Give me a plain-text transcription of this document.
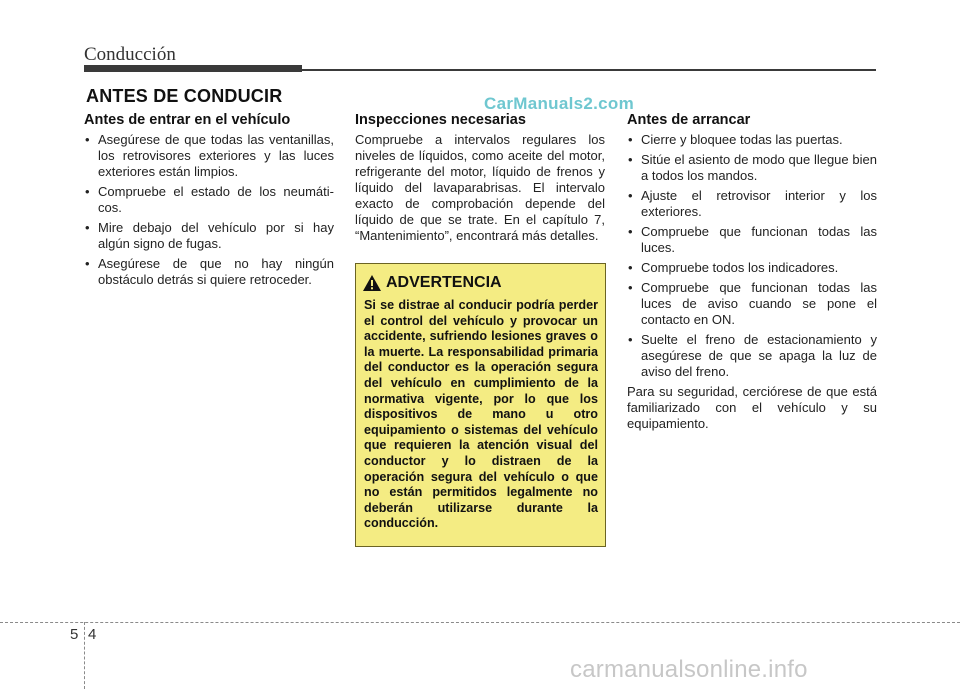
Conducción
ANTES DE CONDUCIR	CarManuals2.com
Antes de entrar en el vehículo
• Asegúrese de que todas las ventanillas, los retrovisores exteriores y las luces exteriores están limpios.
• Compruebe el estado de los neumáti-cos.
• Mire debajo del vehículo por si hay algún signo de fugas.
• Asegúrese de que no hay ningún obstáculo detrás si quiere retroceder.
Inspecciones necesarias

Compruebe a intervalos regulares los niveles de líquidos, como aceite del motor, refrigerante del motor, líquido de frenos y líquido del lavaparabrisas. El intervalo exacto de comprobación depende del líquido de que se trate. En el capítulo 7, “Mantenimiento”, encontrará más detalles.

ADVERTENCIA
Si se distrae al conducir podría perder el control del vehículo y provocar un accidente, sufriendo lesiones graves o la muerte. La responsabilidad primaria del conductor es la operación segura del vehículo en cumplimiento de la normativa vigente, por lo que los dispositivos de mano u otro equipamiento o sistemas del vehículo que requieren la atención visual del conductor y lo distraen de la operación segura del vehículo o que no están permitidos legalmente no deberán utilizarse durante la conducción.
Antes de arrancar
• Cierre y bloquee todas las puertas.
• Sitúe el asiento de modo que llegue bien a todos los mandos.
• Ajuste el retrovisor interior y los exteriores.
• Compruebe que funcionan todas las luces.
• Compruebe todos los indicadores.
• Compruebe que funcionan todas las luces de aviso cuando se pone el contacto en ON.
• Suelte el freno de estacionamiento y asegúrese de que se apaga la luz de aviso del freno.

Para su seguridad, cerciórese de que está familiarizado con el vehículo y su equipamiento.

5 4
carmanualsonline.info
